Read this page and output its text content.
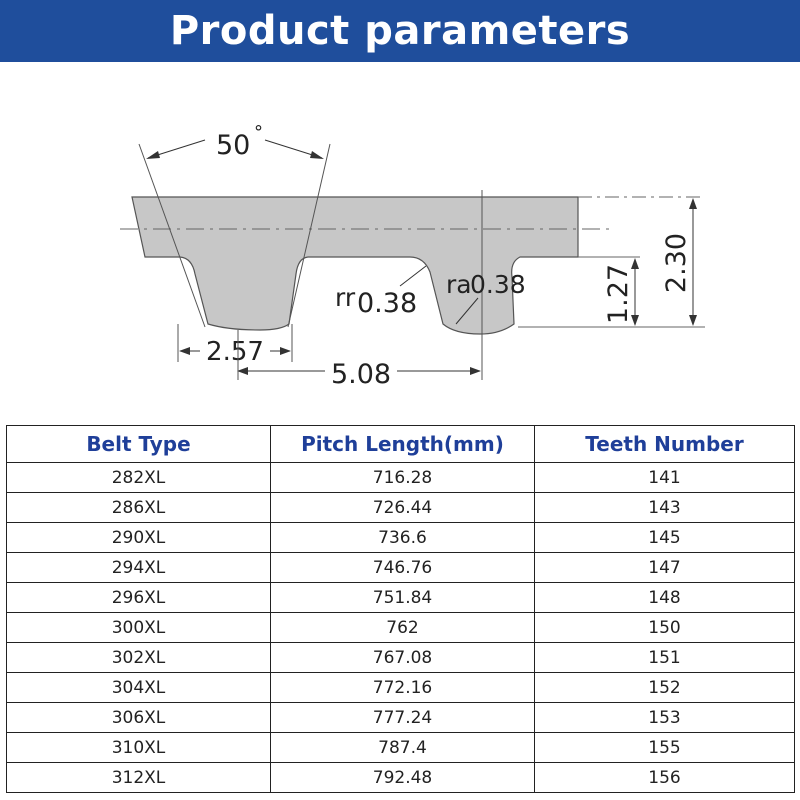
Product parameters
50 °
2.57
5.08
rr 0.38
ra
0.38	1.27
2.30
Belt Type	Pitch Length(mm)	Teeth Number
282XL	716.28	141
286XL	726.44	143
290XL	736.6	145
294XL	746.76	147
296XL	751.84	148
300XL	762	150
302XL	767.08	151
304XL	772.16	152
306XL	777.24	153
310XL	787.4	155
312XL	792.48	156
